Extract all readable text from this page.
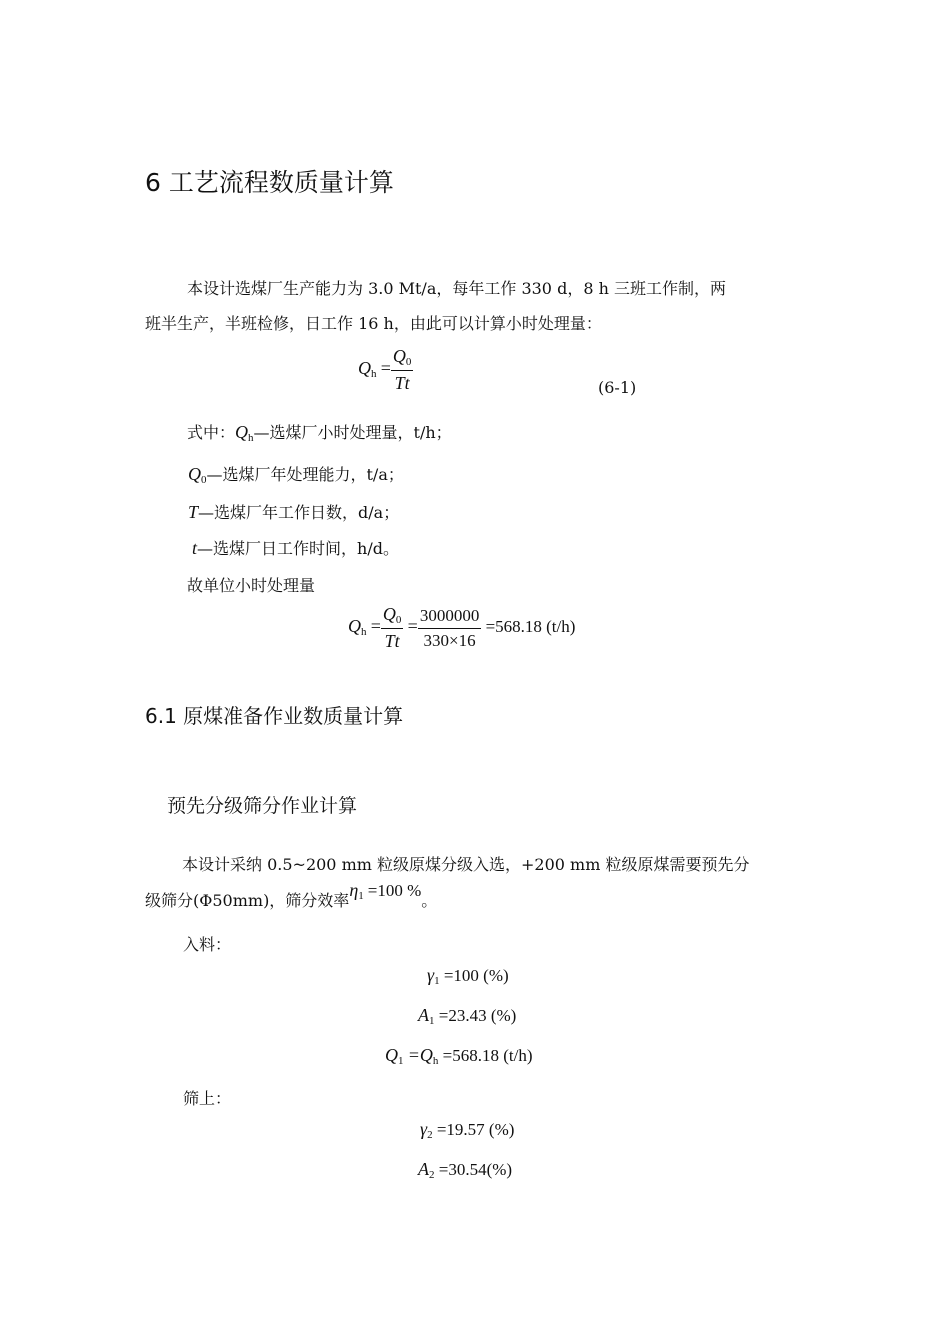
6 工艺流程数质量计算
本设计选煤厂生产能力为 3.0 Mt/a，每年工作 330 d，8 h 三班工作制，两
班半生产，半班检修，日工作 16 h，由此可以计算小时处理量：
$Q_h = \frac{Q_0}{Tt}$	(6-1)
式中：$Q_h—$选煤厂小时处理量，t/h；
$Q_0—$选煤厂年处理能力，t/a；
T—选煤厂年工作日数，d/a；
t—选煤厂日工作时间，h/d。
故单位小时处理量
$Q_h = \frac{Q_0}{Tt} = \frac{3000000}{330\times 16} =568.18$ (t/h)
6.1 原煤准备作业数质量计算
预先分级筛分作业计算
本设计采纳 0.5~200 mm 粒级原煤分级入选，+200 mm 粒级原煤需要预先分
级筛分(Φ50mm)，筛分效率$\eta^1 =100$ %。
入料：
$\gamma_1 =100$ (%)
$A_1 =23.43$ (%)
$Q_1 =Q_h =568.18$ (t/h)
筛上：
$\gamma_2 =19.57$ (%)
$A_2 =30.54(\%)$
